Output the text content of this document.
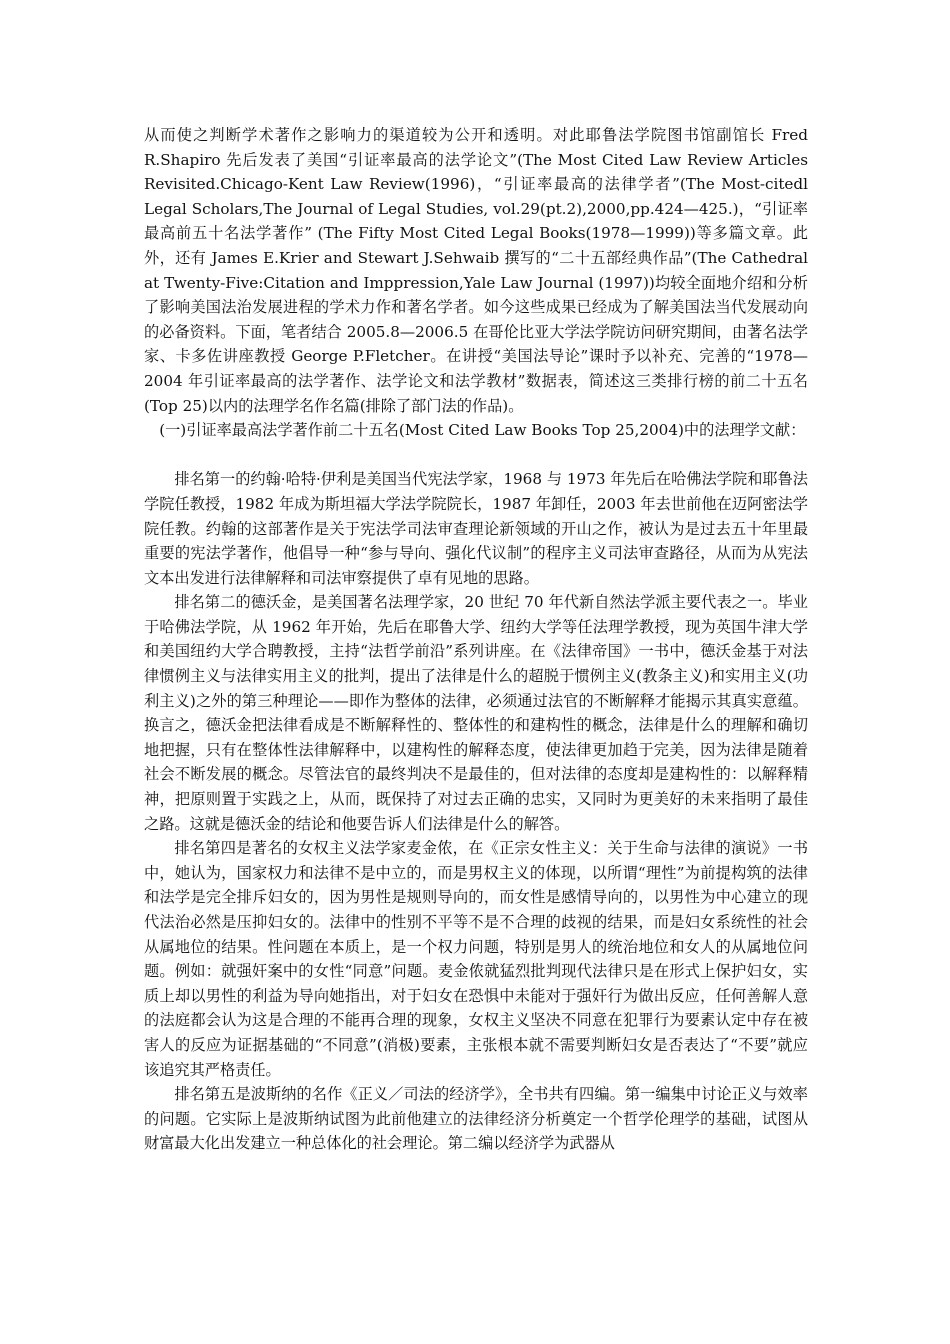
从而使之判断学术著作之影响力的渠道较为公开和透明。对此耶鲁法学院图书馆副馆长 Fred R.Shapiro 先后发表了美国“引证率最高的法学论文”(The Most Cited Law Review Articles Revisited.Chicago-Kent Law Review(1996)，“引证率最高的法律学者”(The Most-citedl Legal Scholars,The Journal of Legal Studies, vol.29(pt.2),2000,pp.424—425.)，“引证率最高前五十名法学著作” (The Fifty Most Cited Legal Books(1978—1999))等多篇文章。此外，还有 James E.Krier and Stewart J.Sehwaib 撰写的“二十五部经典作品”(The Cathedral at Twenty-Five:Citation and Imppression,Yale Law Journal (1997))均较全面地介绍和分析了影响美国法治发展进程的学术力作和著名学者。如今这些成果已经成为了解美国法当代发展动向的必备资料。下面，笔者结合 2005.8—2006.5 在哥伦比亚大学法学院访问研究期间，由著名法学家、卡多佐讲座教授 George P.Fletcher。在讲授“美国法导论”课时予以补充、完善的“1978—2004 年引证率最高的法学著作、法学论文和法学教材”数据表，简述这三类排行榜的前二十五名(Top 25)以内的法理学名作名篇(排除了部门法的作品)。

(一)引证率最高法学著作前二十五名(Most Cited Law Books Top 25,2004)中的法理学文献：

排名第一的约翰·哈特·伊利是美国当代宪法学家，1968 与 1973 年先后在哈佛法学院和耶鲁法学院任教授，1982 年成为斯坦福大学法学院院长，1987 年卸任，2003 年去世前他在迈阿密法学院任教。约翰的这部著作是关于宪法学司法审查理论新领域的开山之作，被认为是过去五十年里最重要的宪法学著作，他倡导一种“参与导向、强化代议制”的程序主义司法审查路径，从而为从宪法文本出发进行法律解释和司法审察提供了卓有见地的思路。

排名第二的德沃金，是美国著名法理学家，20 世纪 70 年代新自然法学派主要代表之一。毕业于哈佛法学院，从 1962 年开始，先后在耶鲁大学、纽约大学等任法理学教授，现为英国牛津大学和美国纽约大学合聘教授，主持“法哲学前沿”系列讲座。在《法律帝国》一书中，德沃金基于对法律惯例主义与法律实用主义的批判，提出了法律是什么的超脱于惯例主义(教条主义)和实用主义(功利主义)之外的第三种理论——即作为整体的法律，必须通过法官的不断解释才能揭示其真实意蕴。换言之，德沃金把法律看成是不断解释性的、整体性的和建构性的概念，法律是什么的理解和确切地把握，只有在整体性法律解释中，以建构性的解释态度，使法律更加趋于完美，因为法律是随着社会不断发展的概念。尽管法官的最终判决不是最佳的，但对法律的态度却是建构性的：以解释精神，把原则置于实践之上，从而，既保持了对过去正确的忠实，又同时为更美好的未来指明了最佳之路。这就是德沃金的结论和他要告诉人们法律是什么的解答。

排名第四是著名的女权主义法学家麦金侬，在《正宗女性主义：关于生命与法律的演说》一书中，她认为，国家权力和法律不是中立的，而是男权主义的体现，以所谓“理性”为前提构筑的法律和法学是完全排斥妇女的，因为男性是规则导向的，而女性是感情导向的，以男性为中心建立的现代法治必然是压抑妇女的。法律中的性别不平等不是不合理的歧视的结果，而是妇女系统性的社会从属地位的结果。性问题在本质上，是一个权力问题，特别是男人的统治地位和女人的从属地位问题。例如：就强奸案中的女性“同意”问题。麦金侬就猛烈批判现代法律只是在形式上保护妇女，实质上却以男性的利益为导向她指出，对于妇女在恐惧中未能对于强奸行为做出反应，任何善解人意的法庭都会认为这是合理的不能再合理的现象，女权主义坚决不同意在犯罪行为要素认定中存在被害人的反应为证据基础的“不同意”(消极)要素，主张根本就不需要判断妇女是否表达了“不要”就应该追究其严格责任。

排名第五是波斯纳的名作《正义／司法的经济学》，全书共有四编。第一编集中讨论正义与效率的问题。它实际上是波斯纳试图为此前他建立的法律经济分析奠定一个哲学伦理学的基础，试图从财富最大化出发建立一种总体化的社会理论。第二编以经济学为武器从
